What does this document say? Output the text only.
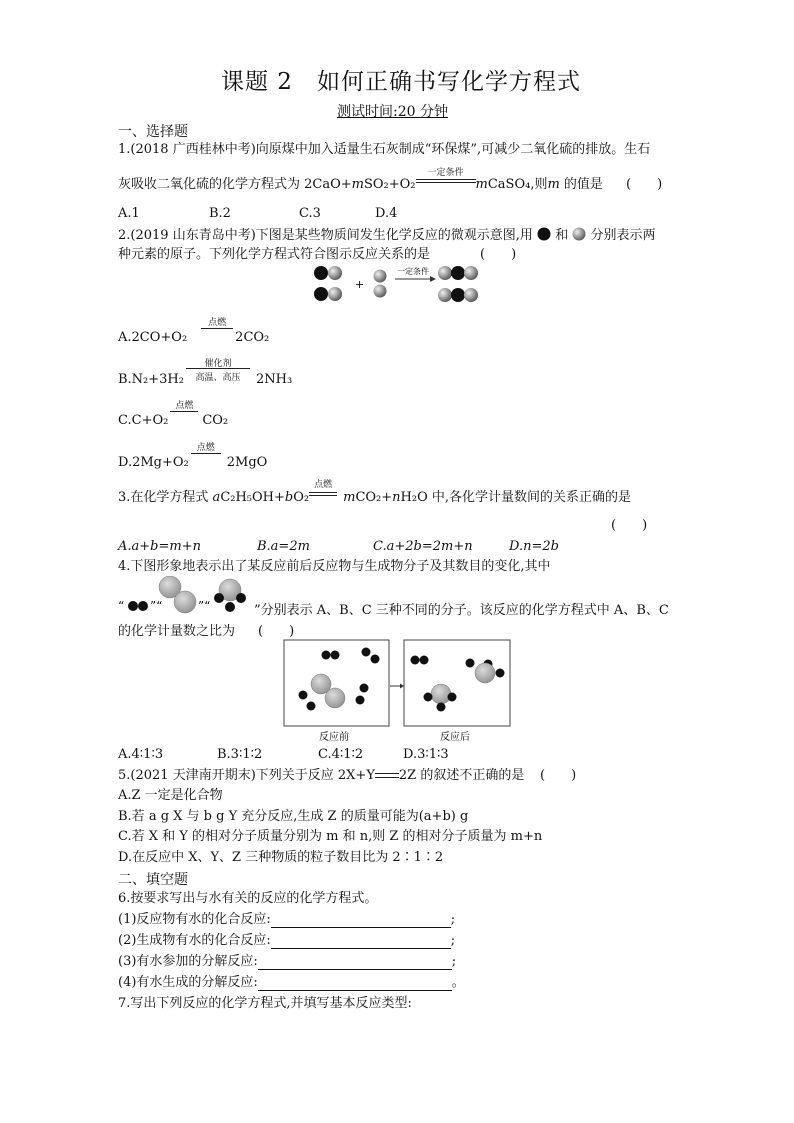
课题 2　如何正确书写化学方程式
测试时间:20 分钟
一、选择题
1.(2018 广西桂林中考)向原煤中加入适量生石灰制成“环保煤”,可减少二氧化硫的排放。生石
灰吸收二氧化硫的化学方程式为 2CaO+mSO₂+O₂
一定条件
mCaSO₄,则m 的值是 (　　)
A.1	B.2	C.3	D.4
2.(2019 山东青岛中考)下图是某些物质间发生化学反应的微观示意图,用 和 分别表示两
种元素的原子。下列化学方程式符合图示反应关系的是	(　　)
+
一定条件
A.2CO+O₂
点燃
2CO₂
B.N₂+3H₂
催化剂
高温、高压	2NH₃
C.C+O₂
点燃
CO₂
D.2Mg+O₂
点燃
2MgO
3.在化学方程式 aC₂H₅OH+bO₂
点燃
mCO₂+nH₂O 中,各化学计量数间的关系正确的是
(　　)
A.a+b=m+n	B.a=2m	C.a+2b=2m+n	D.n=2b
4.下图形象地表示出了某反应前后反应物与生成物分子及其数目的变化,其中
“ ”“	”“	”分别表示 A、B、C 三种不同的分子。该反应的化学方程式中 A、B、C
的化学计量数之比为 (　　)
反应前	反应后
A.4∶1∶3	B.3∶1∶2	C.4∶1∶2	D.3∶1∶3
5.(2021 天津南开期末)下列关于反应 2X+Y 2Z 的叙述不正确的是 (　　)
A.Z 一定是化合物
B.若 a g X 与 b g Y 充分反应,生成 Z 的质量可能为(a+b) g
C.若 X 和 Y 的相对分子质量分别为 m 和 n,则 Z 的相对分子质量为 m+n
D.在反应中 X、Y、Z 三种物质的粒子数目比为 2∶1∶2
二、填空题
6.按要求写出与水有关的反应的化学方程式。
(1)反应物有水的化合反应:	;
(2)生成物有水的化合反应:	;
(3)有水参加的分解反应:	;
(4)有水生成的分解反应:	。
7.写出下列反应的化学方程式,并填写基本反应类型:
